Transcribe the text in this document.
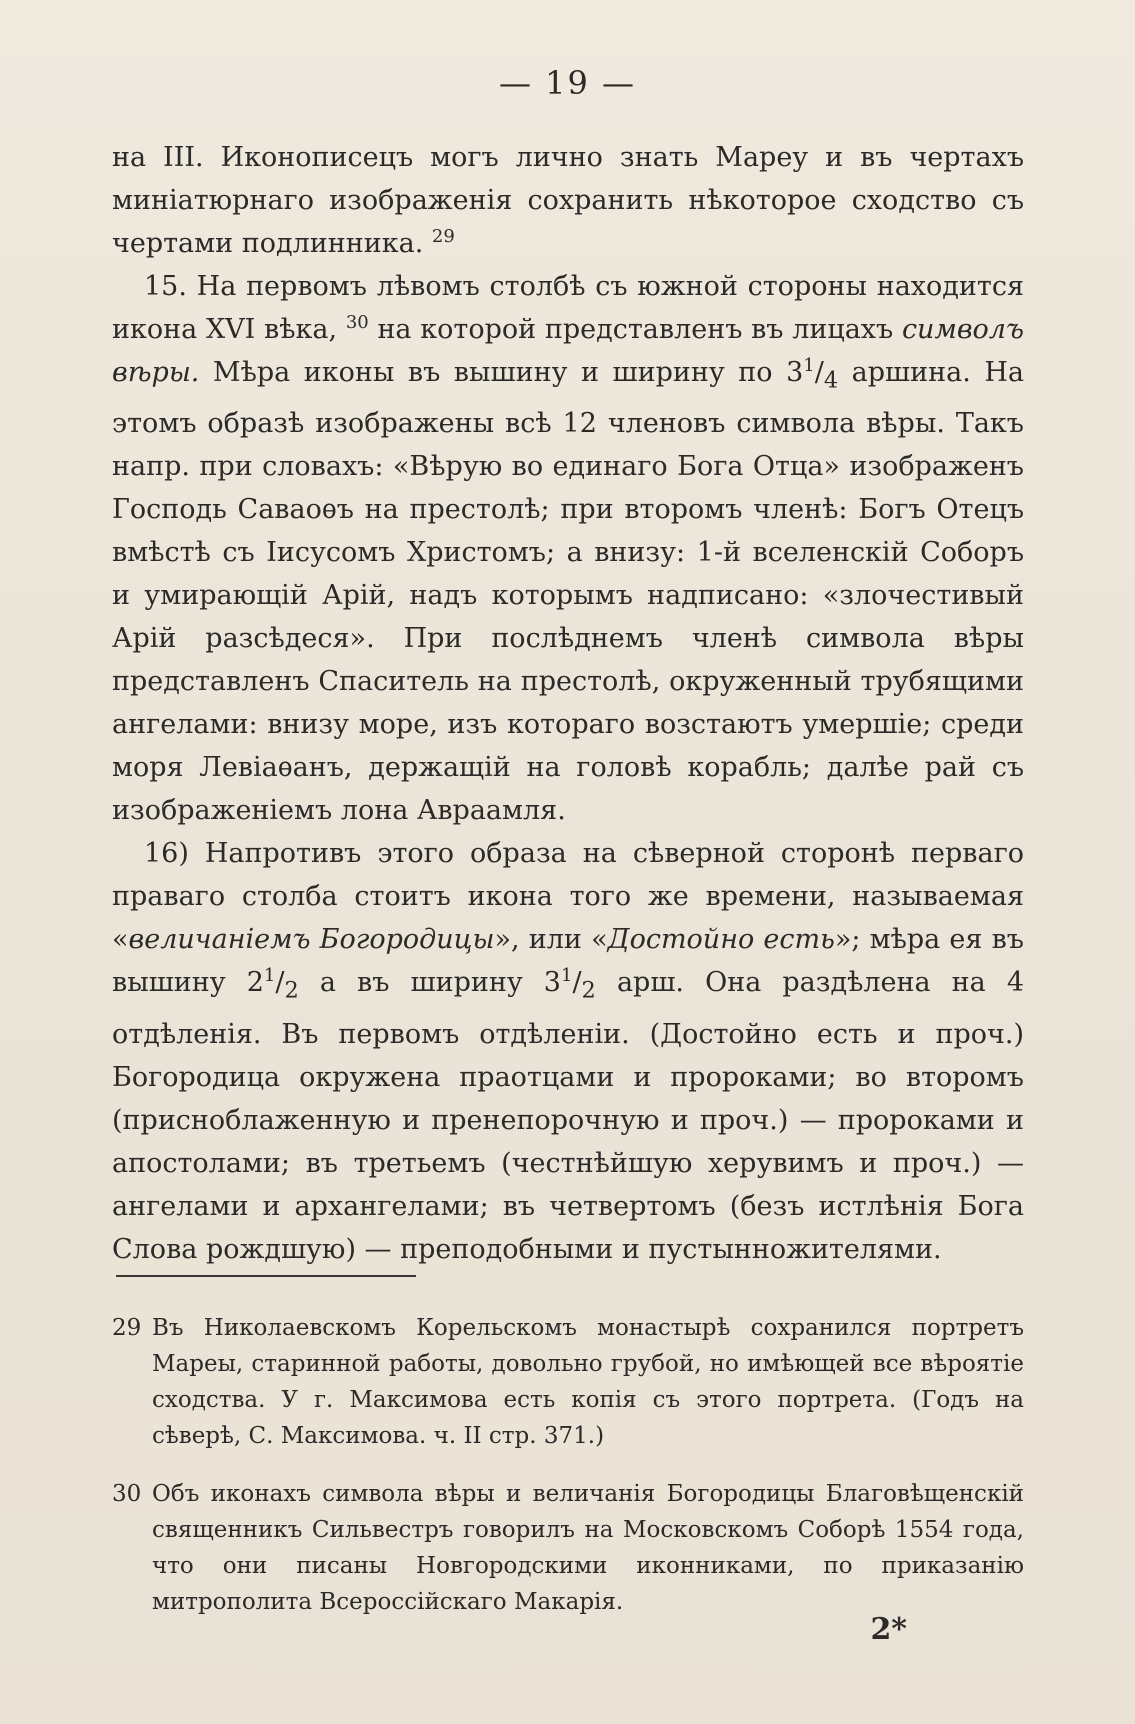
— 19 —

на III. Иконописецъ могъ лично знать Мареу и въ чертахъ миніатюрнаго изображенія сохранить нѣкоторое сходство съ чертами подлинника. $^{29}$

15. На первомъ лѣвомъ столбѣ съ южной стороны находится икона XVI вѣка, $^{30}$ на которой представленъ въ лицахъ символъ вѣры. Мѣра иконы въ вышину и ширину по $3^1/_4$ аршина. На этомъ образѣ изображены всѣ 12 членовъ символа вѣры. Такъ напр. при словахъ: «Вѣрую во единаго Бога Отца» изображенъ Господь Саваоѳъ на престолѣ; при второмъ членѣ: Богъ Отецъ вмѣстѣ съ Іисусомъ Христомъ; а внизу: 1-й вселенскій Соборъ и умирающій Арій, надъ которымъ надписано: «злочестивый Арій разсѣдеся». При послѣднемъ членѣ символа вѣры представленъ Спаситель на престолѣ, окруженный трубящими ангелами: внизу море, изъ котораго возстаютъ умершіе; среди моря Левіаѳанъ, держащій на головѣ корабль; далѣе рай съ изображеніемъ лона Авраамля.

16) Напротивъ этого образа на сѣверной сторонѣ перваго праваго столба стоитъ икона того же времени, называемая «величаніемъ Богородицы», или «Достойно есть»; мѣра ея въ вышину $2^1/_2$ а въ ширину $3^1/_2$ арш. Она раздѣлена на 4 отдѣленія. Въ первомъ отдѣленіи. (Достойно есть и проч.) Богородица окружена праотцами и пророками; во второмъ (присноблаженную и пренепорочную и проч.) — пророками и апостолами; въ третьемъ (честнѣйшую херувимъ и проч.) — ангелами и архангелами; въ четвертомъ (безъ истлѣнія Бога Слова рождшую) — преподобными и пустынножителями.

29 Въ Николаевскомъ Корельскомъ монастырѣ сохранился портретъ Мареы, старинной работы, довольно грубой, но имѣющей все вѣроятіе сходства. У г. Максимова есть копія съ этого портрета. (Годъ на сѣверѣ, С. Максимова. ч. II стр. 371.)
30 Объ иконахъ символа вѣры и величанія Богородицы Благовѣщенскій священникъ Сильвестръ говорилъ на Московскомъ Соборѣ 1554 года, что они писаны Новгородскими иконниками, по приказанію митрополита Всероссійскаго Макарія.
2*
